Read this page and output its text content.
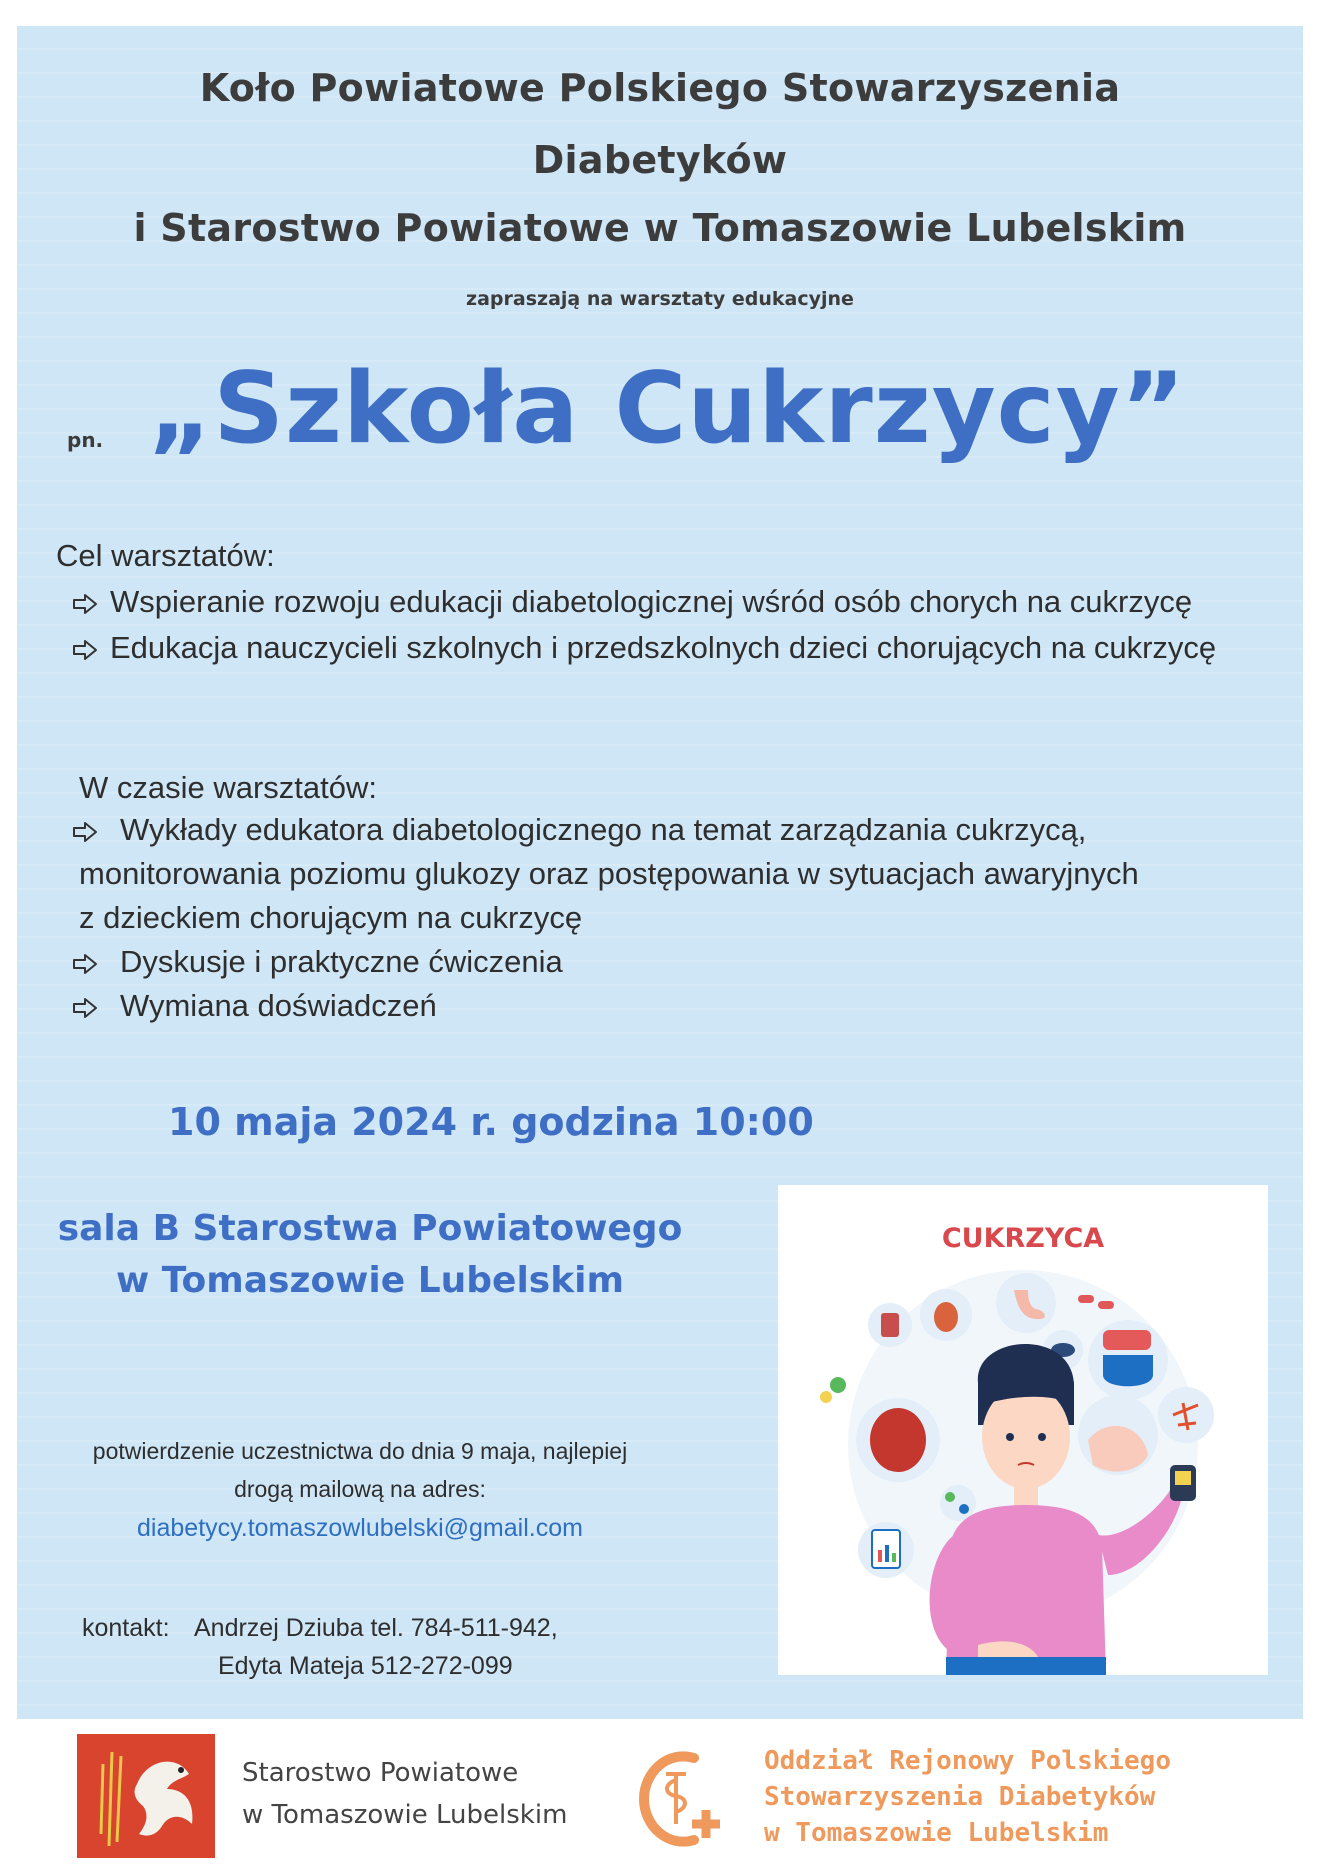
Koło Powiatowe Polskiego Stowarzyszenia
Diabetyków
i Starostwo Powiatowe w Tomaszowie Lubelskim
zapraszają na warsztaty edukacyjne
pn. „Szkoła Cukrzycy”
Cel warsztatów:
Wspieranie rozwoju edukacji diabetologicznej wśród osób chorych na cukrzycę
Edukacja nauczycieli szkolnych i przedszkolnych dzieci chorujących na cukrzycę
W czasie warsztatów:
Wykłady edukatora diabetologicznego na temat zarządzania cukrzycą,
monitorowania poziomu glukozy oraz postępowania w sytuacjach awaryjnych
z dzieckiem chorującym na cukrzycę
Dyskusje i praktyczne ćwiczenia
Wymiana doświadczeń
10 maja 2024 r. godzina 10:00
sala B Starostwa Powiatowego
w Tomaszowie Lubelskim
potwierdzenie uczestnictwa do dnia 9 maja, najlepiej
drogą mailową na adres:
diabetycy.tomaszowlubelski@gmail.com
kontakt: Andrzej Dziuba tel. 784-511-942,
Edyta Mateja 512-272-099
CUKRZYCA
Starostwo Powiatowe
w Tomaszowie Lubelskim
Oddział Rejonowy Polskiego
Stowarzyszenia Diabetyków
w Tomaszowie Lubelskim
